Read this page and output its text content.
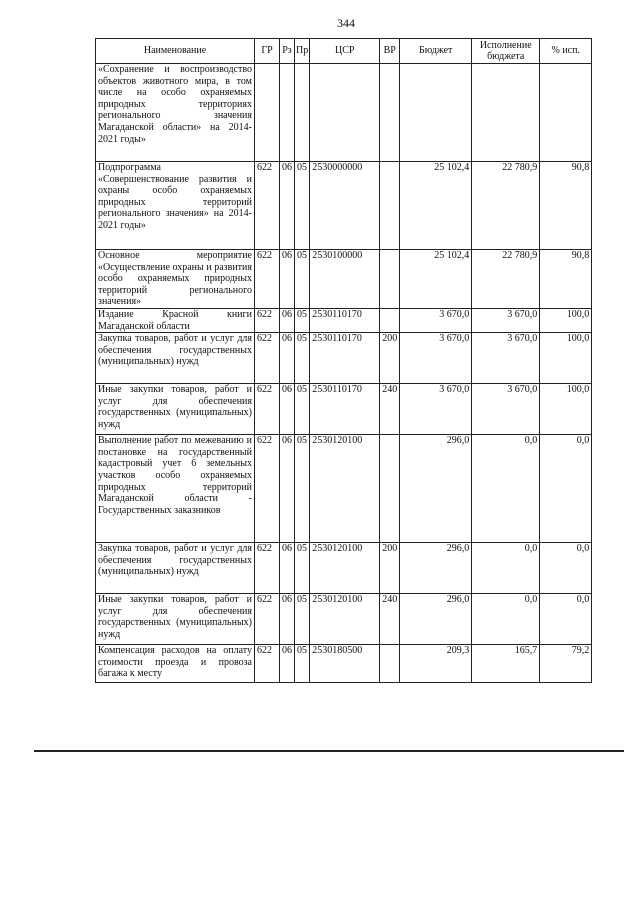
344
Наименование	ГР	Рз	Пр	ЦСР	ВР	Бюджет	Исполнение бюджета	% исп.
«Сохранение и воспроизводство объектов животного мира, в том числе на особо охраняемых природных территориях регионального значения Магаданской области» на 2014-2021 годы»								
Подпрограмма «Совершенствование развития и охраны особо охраняемых природных территорий регионального значения» на 2014-2021 годы»	622	06	05	2530000000		25 102,4	22 780,9	90,8
Основное мероприятие «Осуществление охраны и развития особо охраняемых природных территорий регионального значения»	622	06	05	2530100000		25 102,4	22 780,9	90,8
Издание Красной книги Магаданской области	622	06	05	2530110170		3 670,0	3 670,0	100,0
Закупка товаров, работ и услуг для обеспечения государственных (муниципальных) нужд	622	06	05	2530110170	200	3 670,0	3 670,0	100,0
Иные закупки товаров, работ и услуг для обеспечения государственных (муниципальных) нужд	622	06	05	2530110170	240	3 670,0	3 670,0	100,0
Выполнение работ по межеванию и постановке на государственный кадастровый учет 6 земельных участков особо охраняемых природных территорий Магаданской области - Государственных заказников	622	06	05	2530120100		296,0	0,0	0,0
Закупка товаров, работ и услуг для обеспечения государственных (муниципальных) нужд	622	06	05	2530120100	200	296,0	0,0	0,0
Иные закупки товаров, работ и услуг для обеспечения государственных (муниципальных) нужд	622	06	05	2530120100	240	296,0	0,0	0,0
Компенсация расходов на оплату стоимости проезда и провоза багажа к месту	622	06	05	2530180500		209,3	165,7	79,2
